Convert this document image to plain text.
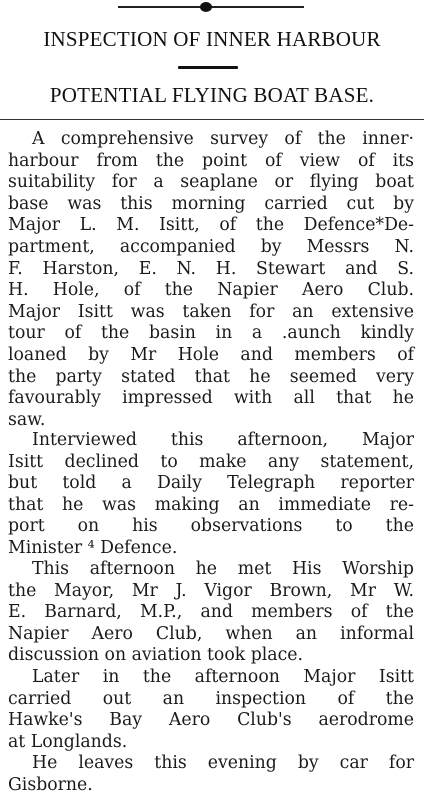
INSPECTION OF INNER HARBOUR
POTENTIAL FLYING BOAT BASE.
A comprehensive survey of the inner·
harbour from the point of view of its
suitability for a seaplane or flying boat
base was this morning carried cut by
Major L. M. Isitt, of the Defence*De-
partment, accompanied by Messrs N.
F. Harston, E. N. H. Stewart and S.
H. Hole, of the Napier Aero Club.
Major Isitt was taken for an extensive
tour of the basin in a .aunch kindly
loaned by Mr Hole and members of
the party stated that he seemed very
favourably impressed with all that he
saw.
Interviewed this afternoon, Major
Isitt declined to make any statement,
but told a Daily Telegraph reporter
that he was making an immediate re-
port on his observations to the
Minister ⁴ Defence.
This afternoon he met His Worship
the Mayor, Mr J. Vigor Brown, Mr W.
E. Barnard, M.P., and members of the
Napier Aero Club, when an informal
discussion on aviation took place.
Later in the afternoon Major Isitt
carried out an inspection of the
Hawke's Bay Aero Club's aerodrome
at Longlands.
He leaves this evening by car for
Gisborne.
